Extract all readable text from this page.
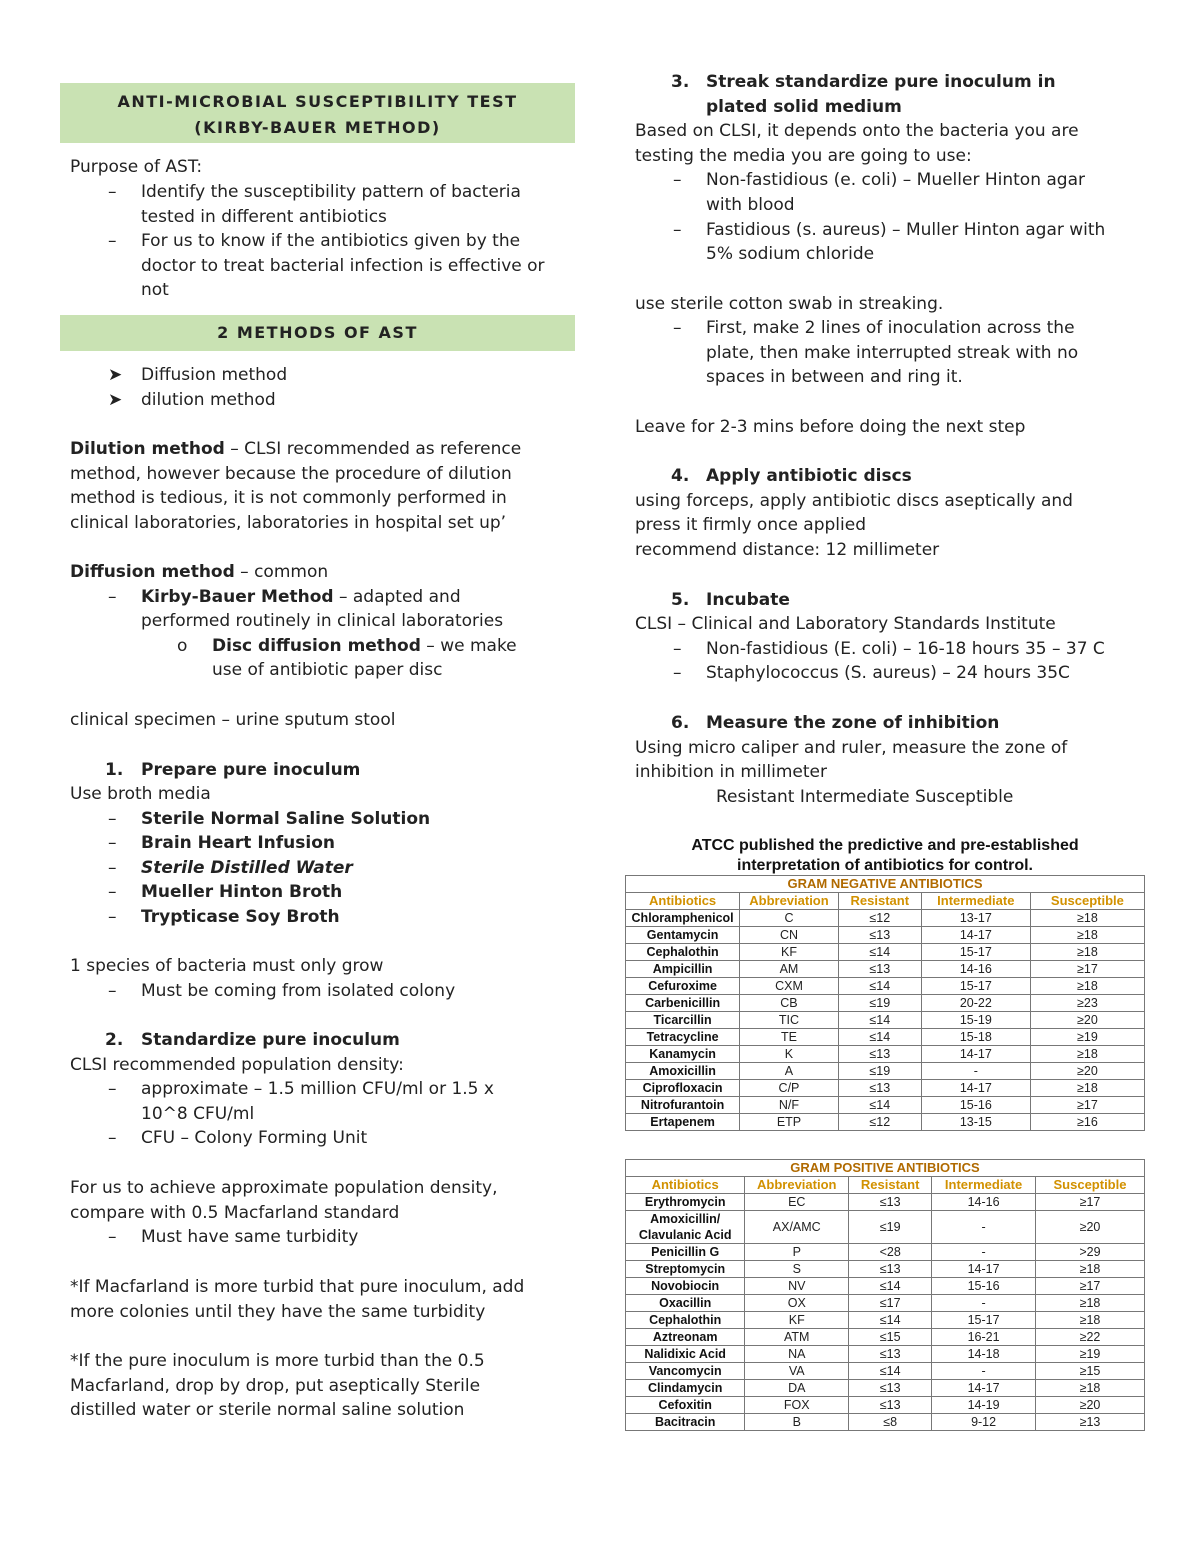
ANTI-MICROBIAL SUSCEPTIBILITY TEST
(KIRBY-BAUER METHOD)
Purpose of AST:
–	Identify the susceptibility pattern of bacteria
tested in different antibiotics
–	For us to know if the antibiotics given by the
doctor to treat bacterial infection is effective or
not
2 METHODS OF AST
➤ Diffusion method
➤ dilution method
Dilution method – CLSI recommended as reference
method, however because the procedure of dilution
method is tedious, it is not commonly performed in
clinical laboratories, laboratories in hospital set up’
Diffusion method – common
–	Kirby-Bauer Method – adapted and
performed routinely in clinical laboratories
o Disc diffusion method – we make
use of antibiotic paper disc
clinical specimen – urine sputum stool
1. Prepare pure inoculum
Use broth media
–	Sterile Normal Saline Solution
–	Brain Heart Infusion
–	Sterile Distilled Water
–	Mueller Hinton Broth
–	Trypticase Soy Broth
1 species of bacteria must only grow
–	Must be coming from isolated colony
2. Standardize pure inoculum
CLSI recommended population density:
–	approximate – 1.5 million CFU/ml or 1.5 x
10^8 CFU/ml
–	CFU – Colony Forming Unit
For us to achieve approximate population density,
compare with 0.5 Macfarland standard
–	Must have same turbidity
*If Macfarland is more turbid that pure inoculum, add
more colonies until they have the same turbidity
*If the pure inoculum is more turbid than the 0.5
Macfarland, drop by drop, put aseptically Sterile
distilled water or sterile normal saline solution
3. Streak standardize pure inoculum in
plated solid medium
Based on CLSI, it depends onto the bacteria you are
testing the media you are going to use:
–	Non-fastidious (e. coli) – Mueller Hinton agar
with blood
–	Fastidious (s. aureus) – Muller Hinton agar with
5% sodium chloride
use sterile cotton swab in streaking.
–	First, make 2 lines of inoculation across the
plate, then make interrupted streak with no
spaces in between and ring it.
Leave for 2-3 mins before doing the next step
4. Apply antibiotic discs
using forceps, apply antibiotic discs aseptically and
press it firmly once applied
recommend distance: 12 millimeter
5. Incubate
CLSI – Clinical and Laboratory Standards Institute
–	Non-fastidious (E. coli) – 16-18 hours 35 – 37 C
–	Staphylococcus (S. aureus) – 24 hours 35C
6. Measure the zone of inhibition
Using micro caliper and ruler, measure the zone of
inhibition in millimeter
Resistant Intermediate Susceptible
ATCC published the predictive and pre-established
interpretation of antibiotics for control.
GRAM NEGATIVE ANTIBIOTICS				
Antibiotics	Abbreviation	Resistant	Intermediate	Susceptible
Chloramphenicol	C	≤12	13-17	≥18
Gentamycin	CN	≤13	14-17	≥18
Cephalothin	KF	≤14	15-17	≥18
Ampicillin	AM	≤13	14-16	≥17
Cefuroxime	CXM	≤14	15-17	≥18
Carbenicillin	CB	≤19	20-22	≥23
Ticarcillin	TIC	≤14	15-19	≥20
Tetracycline	TE	≤14	15-18	≥19
Kanamycin	K	≤13	14-17	≥18
Amoxicillin	A	≤19	-	≥20
Ciprofloxacin	C/P	≤13	14-17	≥18
Nitrofurantoin	N/F	≤14	15-16	≥17
Ertapenem	ETP	≤12	13-15	≥16
GRAM POSITIVE ANTIBIOTICS				
Antibiotics	Abbreviation	Resistant	Intermediate	Susceptible
Erythromycin	EC	≤13	14-16	≥17
Amoxicillin/ Clavulanic Acid	AX/AMC	≤19	-	≥20
Penicillin G	P	<28	-	>29
Streptomycin	S	≤13	14-17	≥18
Novobiocin	NV	≤14	15-16	≥17
Oxacillin	OX	≤17	-	≥18
Cephalothin	KF	≤14	15-17	≥18
Aztreonam	ATM	≤15	16-21	≥22
Nalidixic Acid	NA	≤13	14-18	≥19
Vancomycin	VA	≤14	-	≥15
Clindamycin	DA	≤13	14-17	≥18
Cefoxitin	FOX	≤13	14-19	≥20
Bacitracin	B	≤8	9-12	≥13
